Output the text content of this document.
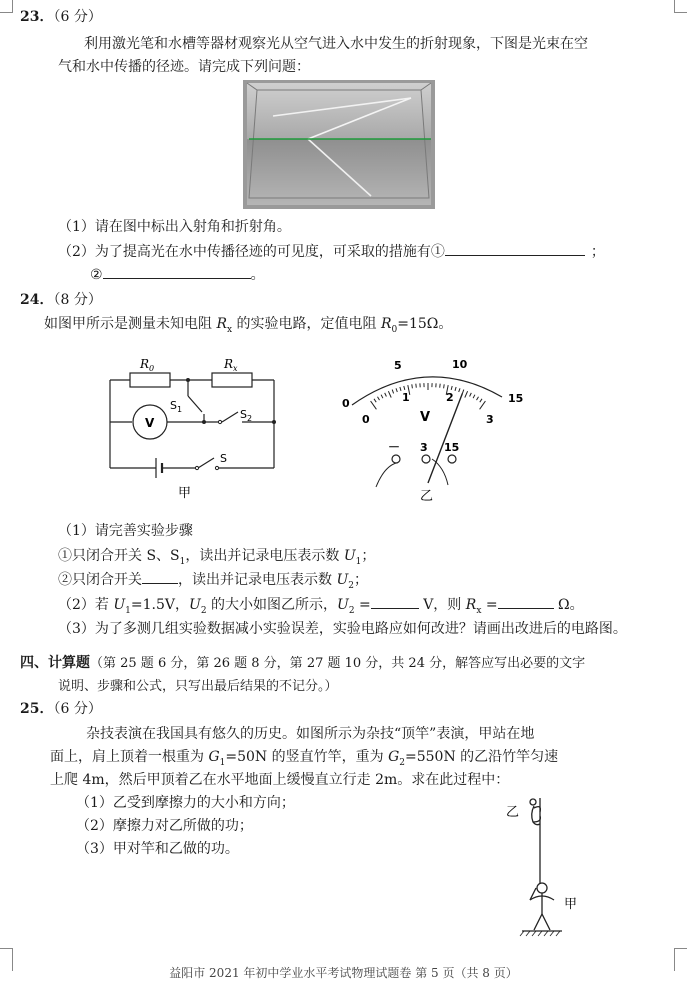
23．（6 分）
利用激光笔和水槽等器材观察光从空气进入水中发生的折射现象，下图是光束在空
气和水中传播的径迹。请完成下列问题：
（1）请在图中标出入射角和折射角。
（2）为了提高光在水中传播径迹的可见度，可采取的措施有①	；
②	。
24．（8 分）
如图甲所示是测量未知电阻 $R_x$ 的实验电路，定值电阻 $R_0=15\Omega$。
$R_0$	$R_x$
$S_1$	$S_2$
S
V
甲
0
5	10
15
0
1	2
3
V
－ 3 15
乙
（1）请完善实验步骤
①只闭合开关 S、$S_1$，读出并记录电压表示数 $U_1$；
②只闭合开关	，读出并记录电压表示数 $U_2$；
（2）若 $U_1=1.5V$，$U_2$ 的大小如图乙所示，$U_2$ =	V，则 $R_x$ =	Ω。
（3）为了多测几组实验数据减小实验误差，实验电路应如何改进？请画出改进后的电路图。
四、计算题（第 25 题 6 分，第 26 题 8 分，第 27 题 10 分，共 24 分，解答应写出必要的文字
说明、步骤和公式，只写出最后结果的不记分。）
25．（6 分）
杂技表演在我国具有悠久的历史。如图所示为杂技“顶竿”表演，甲站在地
面上，肩上顶着一根重为 $G_1=50N$ 的竖直竹竿，重为 $G_2=550N$ 的乙沿竹竿匀速
上爬 4m，然后甲顶着乙在水平地面上缓慢直立行走 2m。求在此过程中：
（1）乙受到摩擦力的大小和方向；
（2）摩擦力对乙所做的功；
（3）甲对竿和乙做的功。
乙
甲
益阳市 2021 年初中学业水平考试物理试题卷 第 5 页（共 8 页）
